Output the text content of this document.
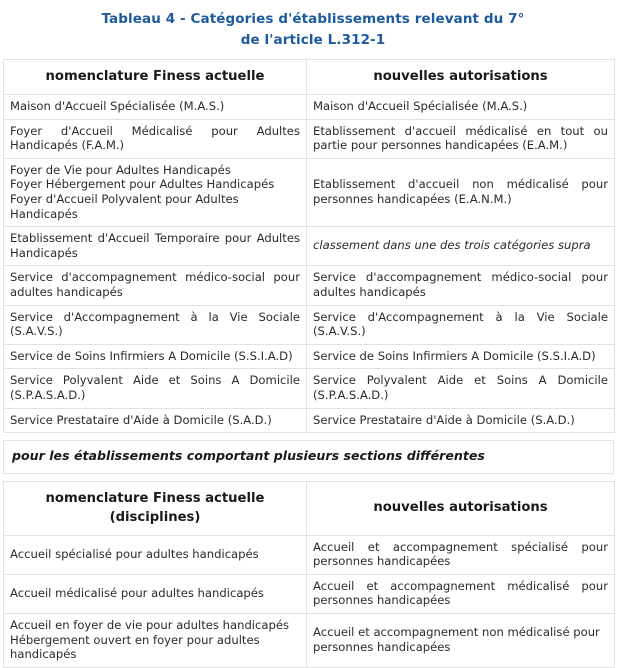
Tableau 4 - Catégories d'établissements relevant du 7°
de l'article L.312-1
nomenclature Finess actuelle	nouvelles autorisations
Maison d'Accueil Spécialisée (M.A.S.)	Maison d'Accueil Spécialisée (M.A.S.)
Foyer d'Accueil Médicalisé pour Adultes Handicapés (F.A.M.)	Etablissement d'accueil médicalisé en tout ou partie pour personnes handicapées (E.A.M.)

Foyer de Vie pour Adultes Handicapés
Foyer Hébergement pour Adultes Handicapés
Foyer d'Accueil Polyvalent pour Adultes Handicapés	Etablissement d'accueil non médicalisé pour personnes handicapées (E.A.N.M.)
Etablissement d'Accueil Temporaire pour Adultes Handicapés	classement dans une des trois catégories supra
Service d'accompagnement médico-social pour adultes handicapés	Service d'accompagnement médico-social pour adultes handicapés
Service d'Accompagnement à la Vie Sociale (S.A.V.S.)	Service d'Accompagnement à la Vie Sociale (S.A.V.S.)
Service de Soins Infirmiers A Domicile (S.S.I.A.D)	Service de Soins Infirmiers A Domicile (S.S.I.A.D)
Service Polyvalent Aide et Soins A Domicile (S.P.A.S.A.D.)	Service Polyvalent Aide et Soins A Domicile (S.P.A.S.A.D.)
Service Prestataire d'Aide à Domicile (S.A.D.)	Service Prestataire d'Aide à Domicile (S.A.D.)
pour les établissements comportant plusieurs sections différentes
nomenclature Finess actuelle
(disciplines)	nouvelles autorisations
Accueil spécialisé pour adultes handicapés	Accueil et accompagnement spécialisé pour personnes handicapées
Accueil médicalisé pour adultes handicapés	Accueil et accompagnement médicalisé pour personnes handicapées

Accueil en foyer de vie pour adultes handicapés
Hébergement ouvert en foyer pour adultes handicapés	Accueil et accompagnement non médicalisé pour personnes handicapées
